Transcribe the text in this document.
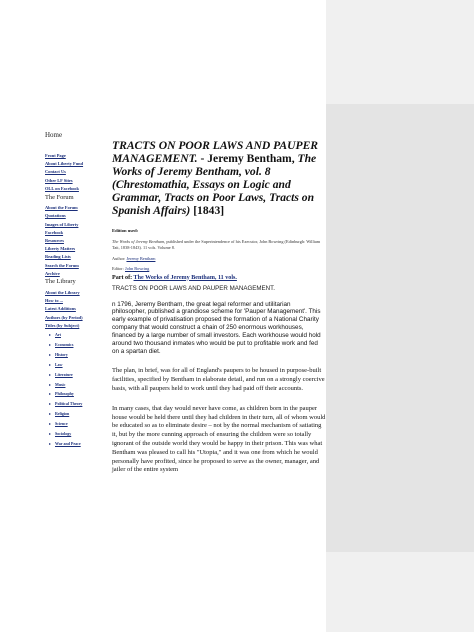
Home
Front Page
About Liberty Fund
Contact Us
Other LF Sites
OLL on Facebook
The Forum
About the Forum
Quotations
Images of Liberty
Facebook
Resources
Liberty Matters
Reading Lists
Search the Forum
Archive
The Library
About the Library
How to ...
Latest Additions
Authors (by Period)
Titles (by Subject)
▸ Art
▸ Economics
▸ History
▸ Law
▸ Literature
▸ Music
▸ Philosophy
▸ Political Theory
▸ Religion
▸ Science
▸ Sociology
▸ War and Peace
TRACTS ON POOR LAWS AND PAUPER MANAGEMENT. - Jeremy Bentham, The Works of Jeremy Bentham, vol. 8 (Chrestomathia, Essays on Logic and Grammar, Tracts on Poor Laws, Tracts on Spanish Affairs) [1843]
Edition used:
The Works of Jeremy Bentham, published under the Superintendence of his Executor, John Bowring (Edinburgh: William Tait, 1838-1843). 11 vols. Volume 8.
Author: Jeremy Bentham
Editor: John Bowring
Part of: The Works of Jeremy Bentham, 11 vols.
TRACTS ON POOR LAWS AND PAUPER MANAGEMENT.

n 1796, Jeremy Bentham, the great legal reformer and utilitarian philosopher, published a grandiose scheme for 'Pauper Management'. This early example of privatisation proposed the formation of a National Charity company that would construct a chain of 250 enormous workhouses, financed by a large number of small investors. Each workhouse would hold around two thousand inmates who would be put to profitable work and fed on a spartan diet.

The plan, in brief, was for all of England's paupers to be housed in purpose-built facilities, specified by Bentham in elaborate detail, and run on a strongly coercive basis, with all paupers held to work until they had paid off their accounts.

In many cases, that day would never have come, as children born in the pauper house would be held there until they had children in their turn, all of whom would be educated so as to eliminate desire – not by the normal mechanism of satiating it, but by the more cunning approach of ensuring the children were so totally ignorant of the outside world they would be happy in their prison. This was what Bentham was pleased to call his "Utopia," and it was one from which he would personally have profited, since he proposed to serve as the owner, manager, and jailer of the entire system
